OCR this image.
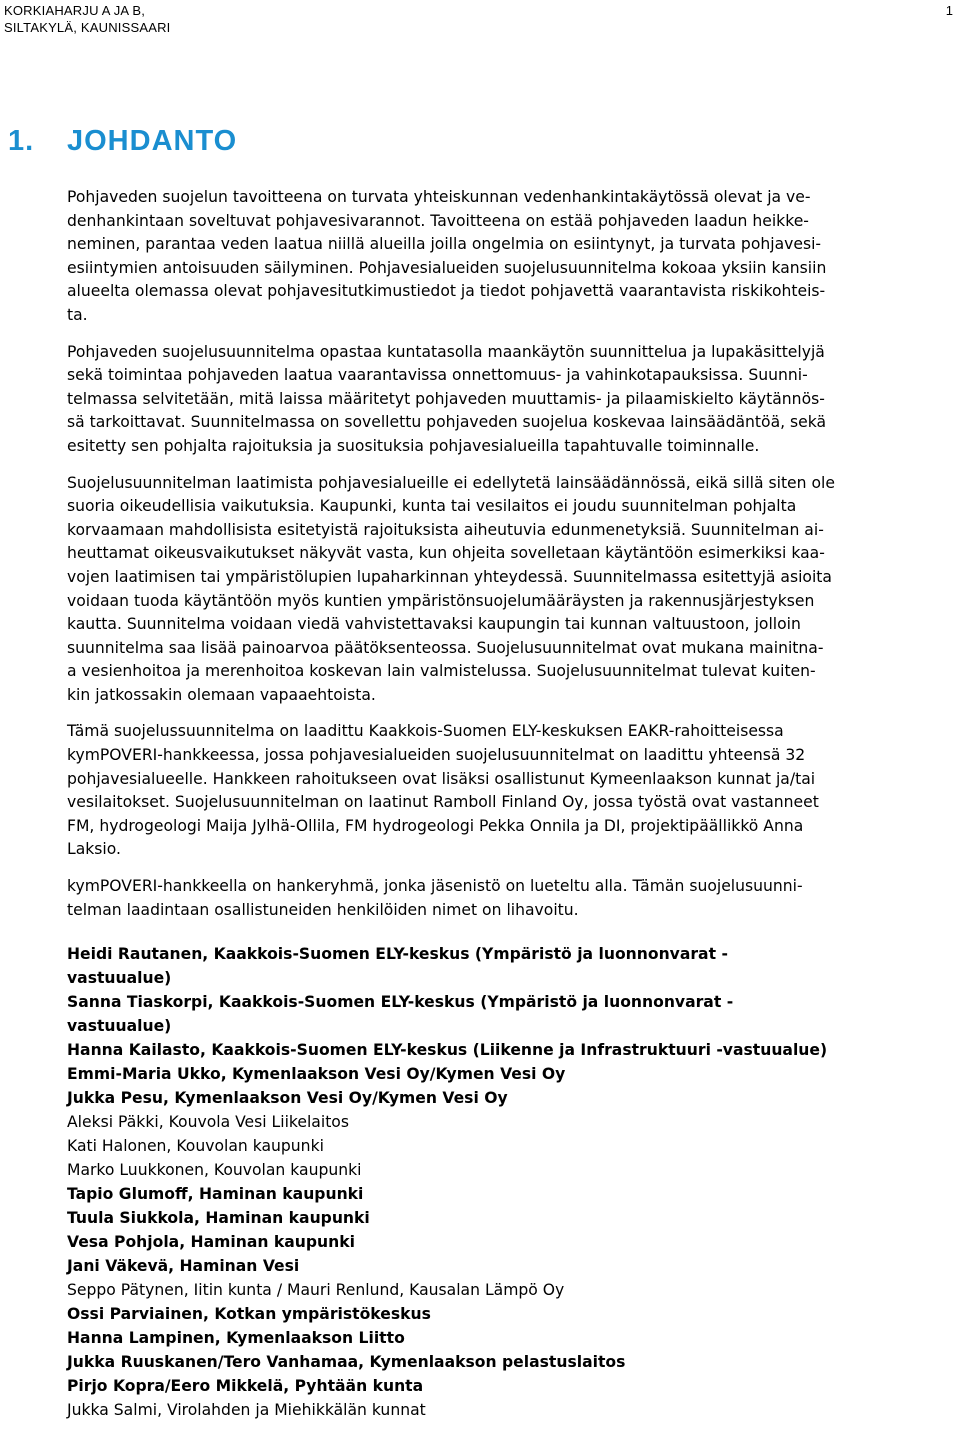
KORKIAHARJU A JA B,
SILTAKYLÄ, KAUNISSAARI
1
1. JOHDANTO
Pohjaveden suojelun tavoitteena on turvata yhteiskunnan vedenhankintakäytössä olevat ja ve-
denhankintaan soveltuvat pohjavesivarannot. Tavoitteena on estää pohjaveden laadun heikke-
neminen, parantaa veden laatua niillä alueilla joilla ongelmia on esiintynyt, ja turvata pohjavesi-
esiintymien antoisuuden säilyminen. Pohjavesialueiden suojelusuunnitelma kokoaa yksiin kansiin
alueelta olemassa olevat pohjavesitutkimustiedot ja tiedot pohjavettä vaarantavista riskikohteis-
ta.
Pohjaveden suojelusuunnitelma opastaa kuntatasolla maankäytön suunnittelua ja lupakäsittelyjä
sekä toimintaa pohjaveden laatua vaarantavissa onnettomuus- ja vahinkotapauksissa. Suunni-
telmassa selvitetään, mitä laissa määritetyt pohjaveden muuttamis- ja pilaamiskielto käytännös-
sä tarkoittavat. Suunnitelmassa on sovellettu pohjaveden suojelua koskevaa lainsäädäntöä, sekä
esitetty sen pohjalta rajoituksia ja suosituksia pohjavesialueilla tapahtuvalle toiminnalle.
Suojelusuunnitelman laatimista pohjavesialueille ei edellytetä lainsäädännössä, eikä sillä siten ole
suoria oikeudellisia vaikutuksia. Kaupunki, kunta tai vesilaitos ei joudu suunnitelman pohjalta
korvaamaan mahdollisista esitetyistä rajoituksista aiheutuvia edunmenetyksiä. Suunnitelman ai-
heuttamat oikeusvaikutukset näkyvät vasta, kun ohjeita sovelletaan käytäntöön esimerkiksi kaa-
vojen laatimisen tai ympäristölupien lupaharkinnan yhteydessä. Suunnitelmassa esitettyjä asioita
voidaan tuoda käytäntöön myös kuntien ympäristönsuojelumääräysten ja rakennusjärjestyksen
kautta. Suunnitelma voidaan viedä vahvistettavaksi kaupungin tai kunnan valtuustoon, jolloin
suunnitelma saa lisää painoarvoa päätöksenteossa. Suojelusuunnitelmat ovat mukana mainitna-
a vesienhoitoa ja merenhoitoa koskevan lain valmistelussa. Suojelusuunnitelmat tulevat kuiten-
kin jatkossakin olemaan vapaaehtoista.
Tämä suojelussuunnitelma on laadittu Kaakkois-Suomen ELY-keskuksen EAKR-rahoitteisessa
kymPOVERI-hankkeessa, jossa pohjavesialueiden suojelusuunnitelmat on laadittu yhteensä 32
pohjavesialueelle. Hankkeen rahoitukseen ovat lisäksi osallistunut Kymeenlaakson kunnat ja/tai
vesilaitokset. Suojelusuunnitelman on laatinut Ramboll Finland Oy, jossa työstä ovat vastanneet
FM, hydrogeologi Maija Jylhä-Ollila, FM hydrogeologi Pekka Onnila ja DI, projektipäällikkö Anna
Laksio.
kymPOVERI-hankkeella on hankeryhmä, jonka jäsenistö on lueteltu alla. Tämän suojelusuunni-
telman laadintaan osallistuneiden henkilöiden nimet on lihavoitu.
Heidi Rautanen, Kaakkois-Suomen ELY-keskus (Ympäristö ja luonnonvarat -
vastuualue)
Sanna Tiaskorpi, Kaakkois-Suomen ELY-keskus (Ympäristö ja luonnonvarat -
vastuualue)
Hanna Kailasto, Kaakkois-Suomen ELY-keskus (Liikenne ja Infrastruktuuri -vastuualue)
Emmi-Maria Ukko, Kymenlaakson Vesi Oy/Kymen Vesi Oy
Jukka Pesu, Kymenlaakson Vesi Oy/Kymen Vesi Oy
Aleksi Päkki, Kouvola Vesi Liikelaitos
Kati Halonen, Kouvolan kaupunki
Marko Luukkonen, Kouvolan kaupunki
Tapio Glumoff, Haminan kaupunki
Tuula Siukkola, Haminan kaupunki
Vesa Pohjola, Haminan kaupunki
Jani Väkevä, Haminan Vesi
Seppo Pätynen, Iitin kunta / Mauri Renlund, Kausalan Lämpö Oy
Ossi Parviainen, Kotkan ympäristökeskus
Hanna Lampinen, Kymenlaakson Liitto
Jukka Ruuskanen/Tero Vanhamaa, Kymenlaakson pelastuslaitos
Pirjo Kopra/Eero Mikkelä, Pyhtään kunta
Jukka Salmi, Virolahden ja Miehikkälän kunnat
